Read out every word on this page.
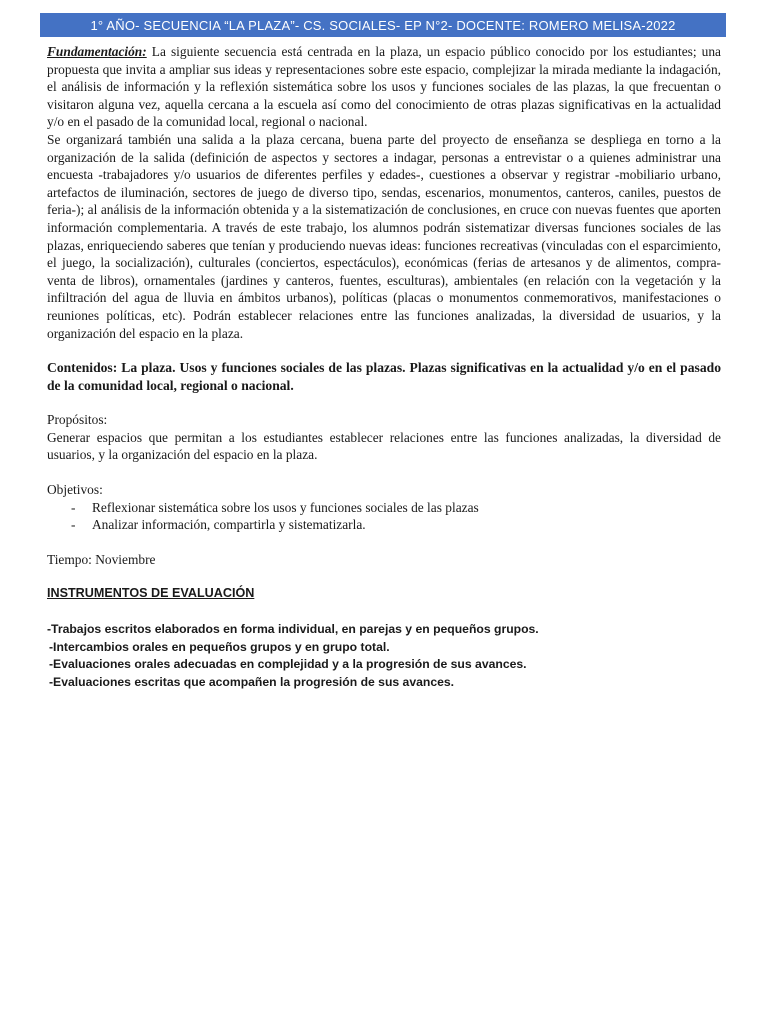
1° AÑO- SECUENCIA “LA PLAZA”- CS. SOCIALES- EP N°2- DOCENTE: ROMERO MELISA-2022

Fundamentación: La siguiente secuencia está centrada en la plaza, un espacio público conocido por los estudiantes; una propuesta que invita a ampliar sus ideas y representaciones sobre este espacio, complejizar la mirada mediante la indagación, el análisis de información y la reflexión sistemática sobre los usos y funciones sociales de las plazas, la que frecuentan o visitaron alguna vez, aquella cercana a la escuela así como del conocimiento de otras plazas significativas en la actualidad y/o en el pasado de la comunidad local, regional o nacional.

Se organizará también una salida a la plaza cercana, buena parte del proyecto de enseñanza se despliega en torno a la organización de la salida (definición de aspectos y sectores a indagar, personas a entrevistar o a quienes administrar una encuesta -trabajadores y/o usuarios de diferentes perfiles y edades-, cuestiones a observar y registrar -mobiliario urbano, artefactos de iluminación, sectores de juego de diverso tipo, sendas, escenarios, monumentos, canteros, caniles, puestos de feria-); al análisis de la información obtenida y a la sistematización de conclusiones, en cruce con nuevas fuentes que aporten información complementaria. A través de este trabajo, los alumnos podrán sistematizar diversas funciones sociales de las plazas, enriqueciendo saberes que tenían y produciendo nuevas ideas: funciones recreativas (vinculadas con el esparcimiento, el juego, la socialización), culturales (conciertos, espectáculos), económicas (ferias de artesanos y de alimentos, compra-venta de libros), ornamentales (jardines y canteros, fuentes, esculturas), ambientales (en relación con la vegetación y la infiltración del agua de lluvia en ámbitos urbanos), políticas (placas o monumentos conmemorativos, manifestaciones o reuniones políticas, etc). Podrán establecer relaciones entre las funciones analizadas, la diversidad de usuarios, y la organización del espacio en la plaza.

Contenidos: La plaza. Usos y funciones sociales de las plazas. Plazas significativas en la actualidad y/o en el pasado de la comunidad local, regional o nacional.

Propósitos:

Generar espacios que permitan a los estudiantes establecer relaciones entre las funciones analizadas, la diversidad de usuarios, y la organización del espacio en la plaza.

Objetivos:

-	Reflexionar sistemática sobre los usos y funciones sociales de las plazas
-	Analizar información, compartirla y sistematizarla.

Tiempo: Noviembre

INSTRUMENTOS DE EVALUACIÓN
-Trabajos escritos elaborados en forma individual, en parejas y en pequeños grupos.
-Intercambios orales en pequeños grupos y en grupo total.
-Evaluaciones orales adecuadas en complejidad y a la progresión de sus avances.
-Evaluaciones escritas que acompañen la progresión de sus avances.
